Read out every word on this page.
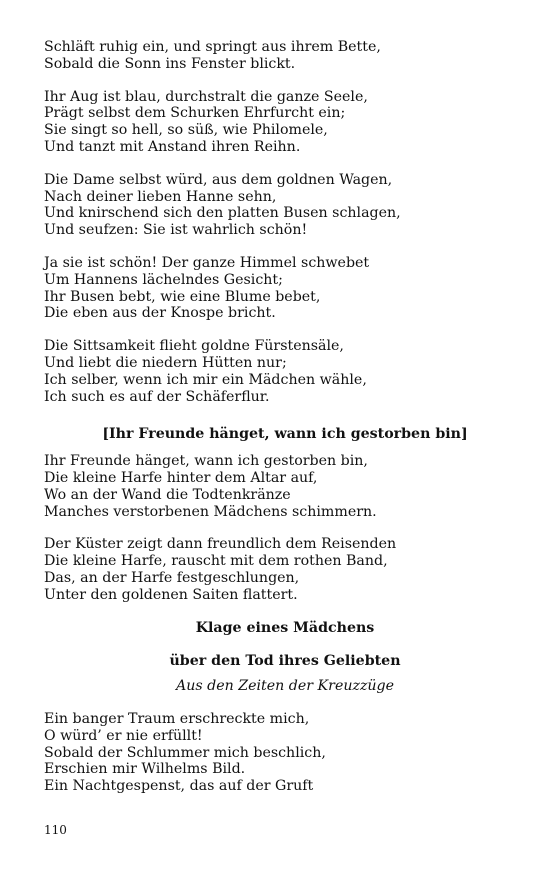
Schläft ruhig ein, und springt aus ihrem Bette,
Sobald die Sonn ins Fenster blickt.
Ihr Aug ist blau, durchstralt die ganze Seele,
Prägt selbst dem Schurken Ehrfurcht ein;
Sie singt so hell, so süß, wie Philomele,
Und tanzt mit Anstand ihren Reihn.
Die Dame selbst würd, aus dem goldnen Wagen,
Nach deiner lieben Hanne sehn,
Und knirschend sich den platten Busen schlagen,
Und seufzen: Sie ist wahrlich schön!
Ja sie ist schön! Der ganze Himmel schwebet
Um Hannens lächelndes Gesicht;
Ihr Busen bebt, wie eine Blume bebet,
Die eben aus der Knospe bricht.
Die Sittsamkeit flieht goldne Fürstensäle,
Und liebt die niedern Hütten nur;
Ich selber, wenn ich mir ein Mädchen wähle,
Ich such es auf der Schäferflur.
[Ihr Freunde hänget, wann ich gestorben bin]
Ihr Freunde hänget, wann ich gestorben bin,
Die kleine Harfe hinter dem Altar auf,
Wo an der Wand die Todtenkränze
Manches verstorbenen Mädchens schimmern.
Der Küster zeigt dann freundlich dem Reisenden
Die kleine Harfe, rauscht mit dem rothen Band,
Das, an der Harfe festgeschlungen,
Unter den goldenen Saiten flattert.
Klage eines Mädchens
über den Tod ihres Geliebten
Aus den Zeiten der Kreuzzüge
Ein banger Traum erschreckte mich,
O würd’ er nie erfüllt!
Sobald der Schlummer mich beschlich,
Erschien mir Wilhelms Bild.
Ein Nachtgespenst, das auf der Gruft
110
